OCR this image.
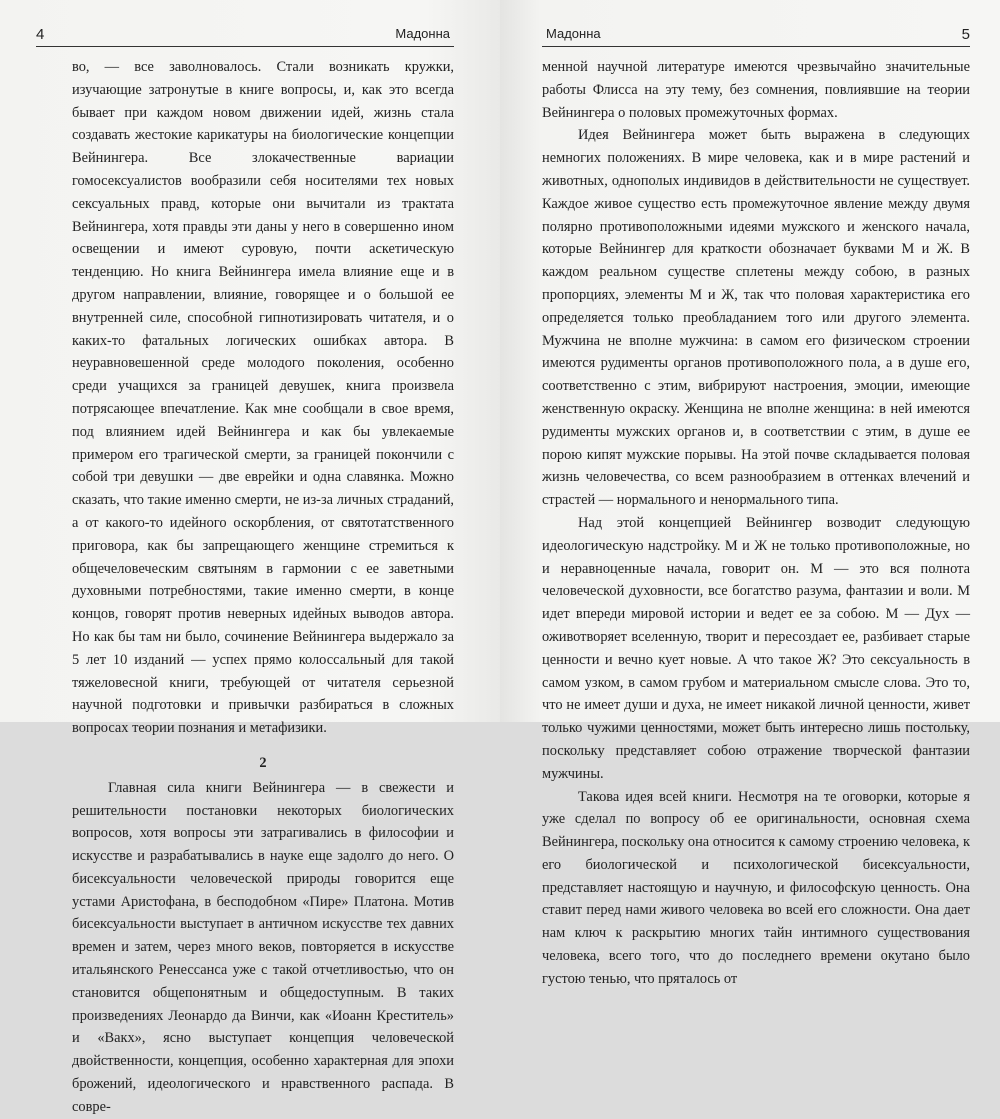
4	Мадонна

во, — все заволновалось. Стали возникать кружки, изучающие затронутые в книге вопросы, и, как это всегда бывает при каждом новом движении идей, жизнь стала создавать жестокие карикатуры на биологические концепции Вейнингера. Все злокачественные вариации гомосексуалистов вообразили себя носителями тех новых сексуальных правд, которые они вычитали из трактата Вейнингера, хотя правды эти даны у него в совершенно ином освещении и имеют суровую, почти аскетическую тенденцию. Но книга Вейнингера имела влияние еще и в другом направлении, влияние, говорящее и о большой ее внутренней силе, способной гипнотизировать читателя, и о каких-то фатальных логических ошибках автора. В неуравновешенной среде молодого поколения, особенно среди учащихся за границей девушек, книга произвела потрясающее впечатление. Как мне сообщали в свое время, под влиянием идей Вейнингера и как бы увлекаемые примером его трагической смерти, за границей покончили с собой три девушки — две еврейки и одна славянка. Можно сказать, что такие именно смерти, не из-за личных страданий, а от какого-то идейного оскорбления, от святотатственного приговора, как бы запрещающего женщине стремиться к общечеловеческим святыням в гармонии с ее заветными духовными потребностями, такие именно смерти, в конце концов, говорят против неверных идейных выводов автора. Но как бы там ни было, сочинение Вейнингера выдержало за 5 лет 10 изданий — успех прямо колоссальный для такой тяжеловесной книги, требующей от читателя серьезной научной подготовки и привычки разбираться в сложных вопросах теории познания и метафизики.

2

Главная сила книги Вейнингера — в свежести и решительности постановки некоторых биологических вопросов, хотя вопросы эти затрагивались в философии и искусстве и разрабатывались в науке еще задолго до него. О бисексуальности человеческой природы говорится еще устами Аристофана, в бесподобном «Пире» Платона. Мотив бисексуальности выступает в античном искусстве тех давних времен и затем, через много веков, повторяется в искусстве итальянского Ренессанса уже с такой отчетливостью, что он становится общепонятным и общедоступным. В таких произведениях Леонардо да Винчи, как «Иоанн Креститель» и «Вакх», ясно выступает концепция человеческой двойственности, концепция, особенно характерная для эпохи брожений, идеологического и нравственного распада. В совре-

Мадонна	5

менной научной литературе имеются чрезвычайно значительные работы Флисса на эту тему, без сомнения, повлиявшие на теории Вейнингера о половых промежуточных формах.

Идея Вейнингера может быть выражена в следующих немногих положениях. В мире человека, как и в мире растений и животных, однополых индивидов в действительности не существует. Каждое живое существо есть промежуточное явление между двумя полярно противоположными идеями мужского и женского начала, которые Вейнингер для краткости обозначает буквами М и Ж. В каждом реальном существе сплетены между собою, в разных пропорциях, элементы М и Ж, так что половая характеристика его определяется только преобладанием того или другого элемента. Мужчина не вполне мужчина: в самом его физическом строении имеются рудименты органов противоположного пола, а в душе его, соответственно с этим, вибрируют настроения, эмоции, имеющие женственную окраску. Женщина не вполне женщина: в ней имеются рудименты мужских органов и, в соответствии с этим, в душе ее порою кипят мужские порывы. На этой почве складывается половая жизнь человечества, со всем разнообразием в оттенках влечений и страстей — нормального и ненормального типа.

Над этой концепцией Вейнингер возводит следующую идеологическую надстройку. М и Ж не только противоположные, но и неравноценные начала, говорит он. М — это вся полнота человеческой духовности, все богатство разума, фантазии и воли. М идет впереди мировой истории и ведет ее за собою. М — Дух — оживотворяет вселенную, творит и пересоздает ее, разбивает старые ценности и вечно кует новые. А что такое Ж? Это сексуальность в самом узком, в самом грубом и материальном смысле слова. Это то, что не имеет души и духа, не имеет никакой личной ценности, живет только чужими ценностями, может быть интересно лишь постольку, поскольку представляет собою отражение творческой фантазии мужчины.

Такова идея всей книги. Несмотря на те оговорки, которые я уже сделал по вопросу об ее оригинальности, основная схема Вейнингера, поскольку она относится к самому строению человека, к его биологической и психологической бисексуальности, представляет настоящую и научную, и философскую ценность. Она ставит перед нами живого человека во всей его сложности. Она дает нам ключ к раскрытию многих тайн интимного существования человека, всего того, что до последнего времени окутано было густою тенью, что пряталось от
